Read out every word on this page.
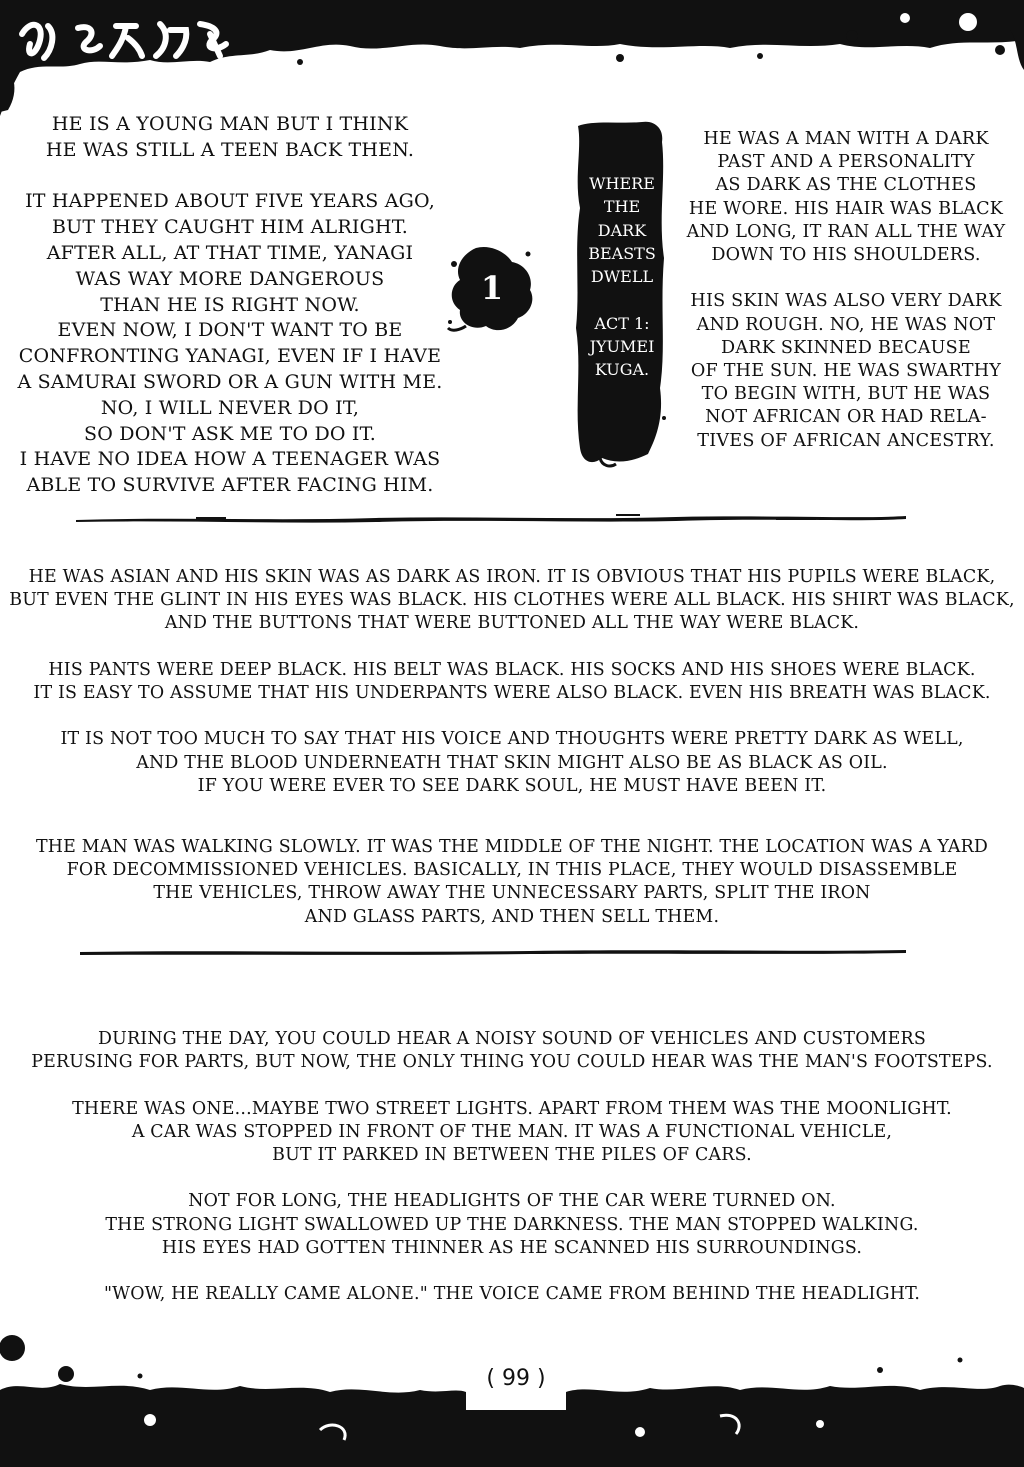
HE IS A YOUNG MAN BUT I THINK
HE WAS STILL A TEEN BACK THEN.

IT HAPPENED ABOUT FIVE YEARS AGO,
BUT THEY CAUGHT HIM ALRIGHT.
AFTER ALL, AT THAT TIME, YANAGI
WAS WAY MORE DANGEROUS
THAN HE IS RIGHT NOW.
EVEN NOW, I DON'T WANT TO BE
CONFRONTING YANAGI, EVEN IF I HAVE
A SAMURAI SWORD OR A GUN WITH ME.
NO, I WILL NEVER DO IT,
SO DON'T ASK ME TO DO IT.
I HAVE NO IDEA HOW A TEENAGER WAS
ABLE TO SURVIVE AFTER FACING HIM.
1
WHERE
THE
DARK
BEASTS
DWELL

ACT 1:
JYUMEI
KUGA.
HE WAS A MAN WITH A DARK
PAST AND A PERSONALITY
AS DARK AS THE CLOTHES
HE WORE. HIS HAIR WAS BLACK
AND LONG, IT RAN ALL THE WAY
DOWN TO HIS SHOULDERS.

HIS SKIN WAS ALSO VERY DARK
AND ROUGH. NO, HE WAS NOT
DARK SKINNED BECAUSE
OF THE SUN. HE WAS SWARTHY
TO BEGIN WITH, BUT HE WAS
NOT AFRICAN OR HAD RELA-
TIVES OF AFRICAN ANCESTRY.
HE WAS ASIAN AND HIS SKIN WAS AS DARK AS IRON. IT IS OBVIOUS THAT HIS PUPILS WERE BLACK,
BUT EVEN THE GLINT IN HIS EYES WAS BLACK. HIS CLOTHES WERE ALL BLACK. HIS SHIRT WAS BLACK,
AND THE BUTTONS THAT WERE BUTTONED ALL THE WAY WERE BLACK.

HIS PANTS WERE DEEP BLACK. HIS BELT WAS BLACK. HIS SOCKS AND HIS SHOES WERE BLACK.
IT IS EASY TO ASSUME THAT HIS UNDERPANTS WERE ALSO BLACK. EVEN HIS BREATH WAS BLACK.

IT IS NOT TOO MUCH TO SAY THAT HIS VOICE AND THOUGHTS WERE PRETTY DARK AS WELL,
AND THE BLOOD UNDERNEATH THAT SKIN MIGHT ALSO BE AS BLACK AS OIL.
IF YOU WERE EVER TO SEE DARK SOUL, HE MUST HAVE BEEN IT.
THE MAN WAS WALKING SLOWLY. IT WAS THE MIDDLE OF THE NIGHT. THE LOCATION WAS A YARD
FOR DECOMMISSIONED VEHICLES. BASICALLY, IN THIS PLACE, THEY WOULD DISASSEMBLE
THE VEHICLES, THROW AWAY THE UNNECESSARY PARTS, SPLIT THE IRON
AND GLASS PARTS, AND THEN SELL THEM.
DURING THE DAY, YOU COULD HEAR A NOISY SOUND OF VEHICLES AND CUSTOMERS
PERUSING FOR PARTS, BUT NOW, THE ONLY THING YOU COULD HEAR WAS THE MAN'S FOOTSTEPS.

THERE WAS ONE...MAYBE TWO STREET LIGHTS. APART FROM THEM WAS THE MOONLIGHT.
A CAR WAS STOPPED IN FRONT OF THE MAN. IT WAS A FUNCTIONAL VEHICLE,
BUT IT PARKED IN BETWEEN THE PILES OF CARS.

NOT FOR LONG, THE HEADLIGHTS OF THE CAR WERE TURNED ON.
THE STRONG LIGHT SWALLOWED UP THE DARKNESS. THE MAN STOPPED WALKING.
HIS EYES HAD GOTTEN THINNER AS HE SCANNED HIS SURROUNDINGS.

"WOW, HE REALLY CAME ALONE." THE VOICE CAME FROM BEHIND THE HEADLIGHT.
( 99 )
